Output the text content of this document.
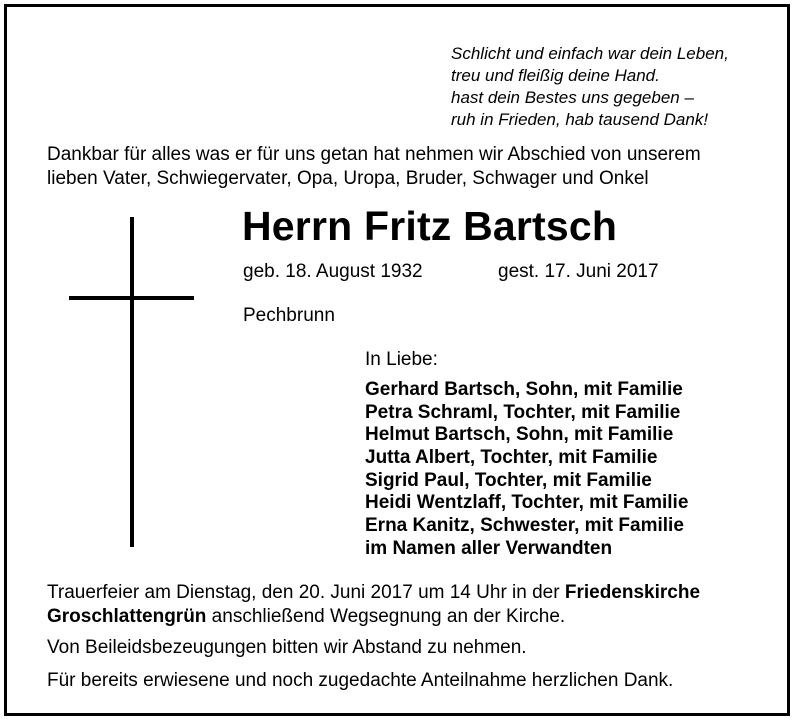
Schlicht und einfach war dein Leben,
treu und fleißig deine Hand.
hast dein Bestes uns gegeben –
ruh in Frieden, hab tausend Dank!
Dankbar für alles was er für uns getan hat nehmen wir Abschied von unserem
lieben Vater, Schwiegervater, Opa, Uropa, Bruder, Schwager und Onkel
Herrn Fritz Bartsch
geb. 18. August 1932	gest. 17. Juni 2017
Pechbrunn
In Liebe:
Gerhard Bartsch, Sohn, mit Familie
Petra Schraml, Tochter, mit Familie
Helmut Bartsch, Sohn, mit Familie
Jutta Albert, Tochter, mit Familie
Sigrid Paul, Tochter, mit Familie
Heidi Wentzlaff, Tochter, mit Familie
Erna Kanitz, Schwester, mit Familie
im Namen aller Verwandten
Trauerfeier am Dienstag, den 20. Juni 2017 um 14 Uhr in der Friedenskirche
Groschlattengrün anschließend Wegsegnung an der Kirche.
Von Beileidsbezeugungen bitten wir Abstand zu nehmen.
Für bereits erwiesene und noch zugedachte Anteilnahme herzlichen Dank.
